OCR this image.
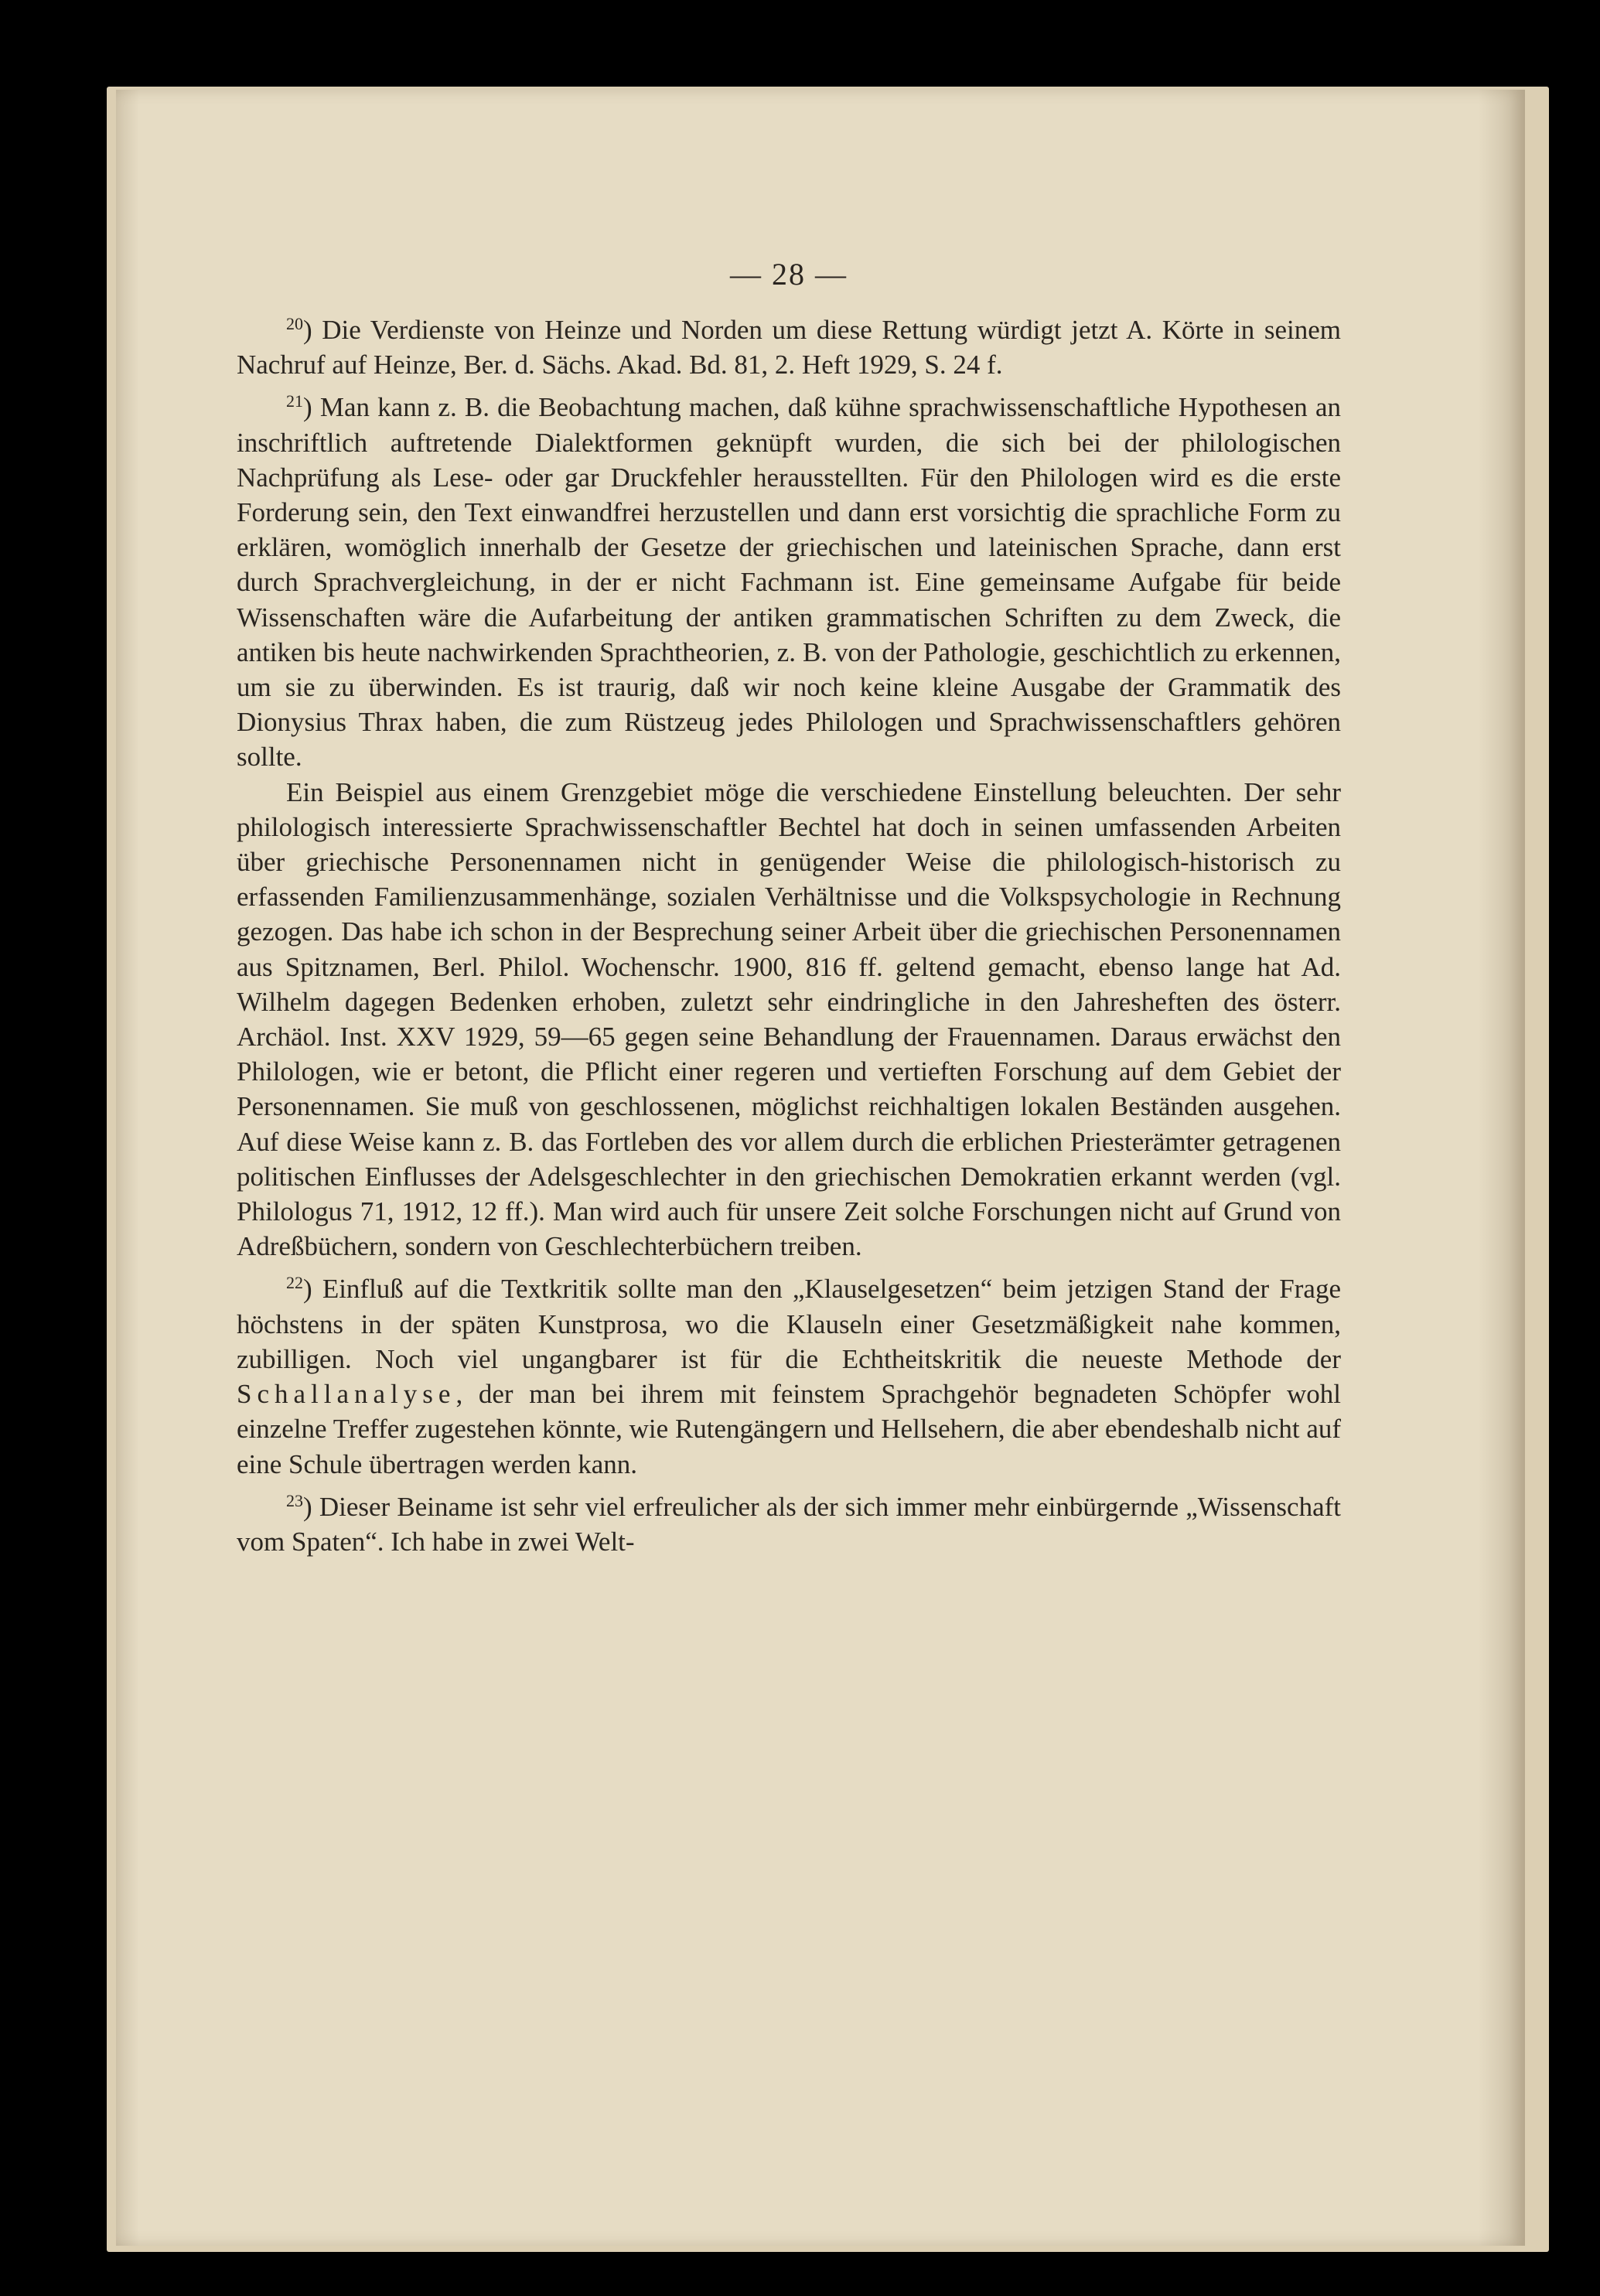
— 28 —

$^{20}$) Die Verdienste von Heinze und Norden um diese Rettung würdigt jetzt A. Körte in seinem Nachruf auf Heinze, Ber. d. Sächs. Akad. Bd. 81, 2. Heft 1929, S. 24 f.

$^{21}$) Man kann z. B. die Beobachtung machen, daß kühne sprachwissenschaftliche Hypothesen an inschriftlich auftretende Dialektformen geknüpft wurden, die sich bei der philologischen Nachprüfung als Lese- oder gar Druckfehler herausstellten. Für den Philologen wird es die erste Forderung sein, den Text einwandfrei herzustellen und dann erst vorsichtig die sprachliche Form zu erklären, womöglich innerhalb der Gesetze der griechischen und lateinischen Sprache, dann erst durch Sprachvergleichung, in der er nicht Fachmann ist. Eine gemeinsame Aufgabe für beide Wissenschaften wäre die Aufarbeitung der antiken grammatischen Schriften zu dem Zweck, die antiken bis heute nachwirkenden Sprachtheorien, z. B. von der Pathologie, geschichtlich zu erkennen, um sie zu überwinden. Es ist traurig, daß wir noch keine kleine Ausgabe der Grammatik des Dionysius Thrax haben, die zum Rüstzeug jedes Philologen und Sprachwissenschaftlers gehören sollte.

Ein Beispiel aus einem Grenzgebiet möge die verschiedene Einstellung beleuchten. Der sehr philologisch interessierte Sprachwissenschaftler Bechtel hat doch in seinen umfassenden Arbeiten über griechische Personennamen nicht in genügender Weise die philologisch-historisch zu erfassenden Familienzusammenhänge, sozialen Verhältnisse und die Volkspsychologie in Rechnung gezogen. Das habe ich schon in der Besprechung seiner Arbeit über die griechischen Personennamen aus Spitznamen, Berl. Philol. Wochenschr. 1900, 816 ff. geltend gemacht, ebenso lange hat Ad. Wilhelm dagegen Bedenken erhoben, zuletzt sehr eindringliche in den Jahresheften des österr. Archäol. Inst. XXV 1929, 59—65 gegen seine Behandlung der Frauennamen. Daraus erwächst den Philologen, wie er betont, die Pflicht einer regeren und vertieften Forschung auf dem Gebiet der Personennamen. Sie muß von geschlossenen, möglichst reichhaltigen lokalen Beständen ausgehen. Auf diese Weise kann z. B. das Fortleben des vor allem durch die erblichen Priesterämter getragenen politischen Einflusses der Adelsgeschlechter in den griechischen Demokratien erkannt werden (vgl. Philologus 71, 1912, 12 ff.). Man wird auch für unsere Zeit solche Forschungen nicht auf Grund von Adreßbüchern, sondern von Geschlechterbüchern treiben.

$^{22}$) Einfluß auf die Textkritik sollte man den „Klauselgesetzen“ beim jetzigen Stand der Frage höchstens in der späten Kunstprosa, wo die Klauseln einer Gesetzmäßigkeit nahe kommen, zubilligen. Noch viel ungangbarer ist für die Echtheitskritik die neueste Methode der Schallanalyse, der man bei ihrem mit feinstem Sprachgehör begnadeten Schöpfer wohl einzelne Treffer zugestehen könnte, wie Rutengängern und Hellsehern, die aber ebendeshalb nicht auf eine Schule übertragen werden kann.

$^{23}$) Dieser Beiname ist sehr viel erfreulicher als der sich immer mehr einbürgernde „Wissenschaft vom Spaten“. Ich habe in zwei Welt-
